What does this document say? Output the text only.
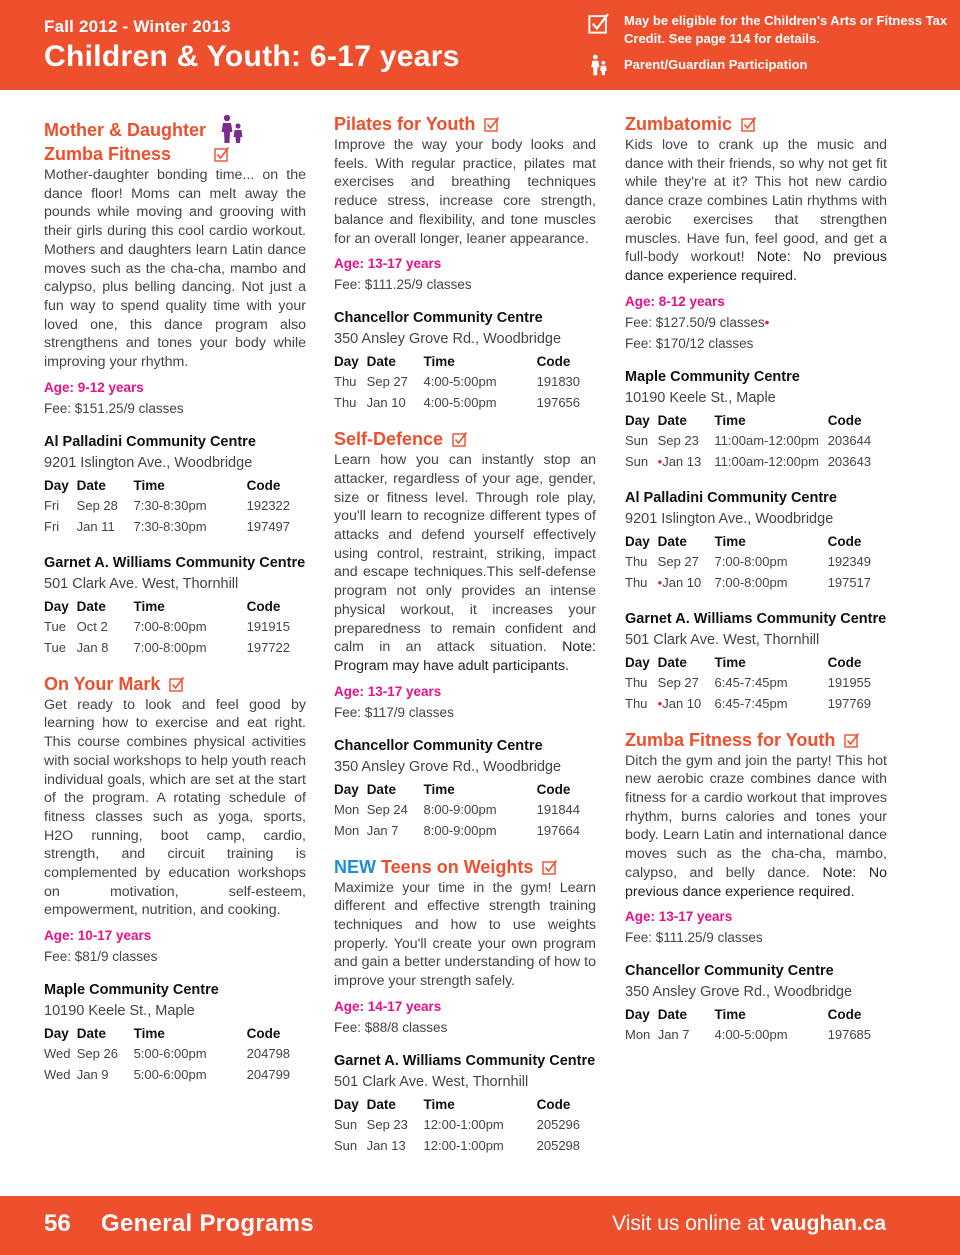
Fall 2012 - Winter 2013
Children & Youth: 6-17 years
May be eligible for the Children's Arts or Fitness Tax Credit. See page 114 for details.
Parent/Guardian Participation
Mother & Daughter
Zumba Fitness
Mother-daughter bonding time... on the dance floor! Moms can melt away the pounds while moving and grooving with their girls during this cool cardio workout. Mothers and daughters learn Latin dance moves such as the cha-cha, mambo and calypso, plus belling dancing. Not just a fun way to spend quality time with your loved one, this dance program also strengthens and tones your body while improving your rhythm.
Age: 9-12 years
Fee: $151.25/9 classes
Al Palladini Community Centre
9201 Islington Ave., Woodbridge
Day	Date	Time	Code
Fri	Sep 28	7:30-8:30pm	192322
Fri	Jan 11	7:30-8:30pm	197497
Garnet A. Williams Community Centre
501 Clark Ave. West, Thornhill
Day	Date	Time	Code
Tue	Oct 2	7:00-8:00pm	191915
Tue	Jan 8	7:00-8:00pm	197722
On Your Mark
Get ready to look and feel good by learning how to exercise and eat right. This course combines physical activities with social workshops to help youth reach individual goals, which are set at the start of the program. A rotating schedule of fitness classes such as yoga, sports, H2O running, boot camp, cardio, strength, and circuit training is complemented by education workshops on motivation, self-esteem, empowerment, nutrition, and cooking.
Age: 10-17 years
Fee: $81/9 classes
Maple Community Centre
10190 Keele St., Maple
Day	Date	Time	Code
Wed	Sep 26	5:00-6:00pm	204798
Wed	Jan 9	5:00-6:00pm	204799
Pilates for Youth
Improve the way your body looks and feels. With regular practice, pilates mat exercises and breathing techniques reduce stress, increase core strength, balance and flexibility, and tone muscles for an overall longer, leaner appearance.
Age: 13-17 years
Fee: $111.25/9 classes
Chancellor Community Centre
350 Ansley Grove Rd., Woodbridge
Day	Date	Time	Code
Thu	Sep 27	4:00-5:00pm	191830
Thu	Jan 10	4:00-5:00pm	197656
Self-Defence
Learn how you can instantly stop an attacker, regardless of your age, gender, size or fitness level. Through role play, you'll learn to recognize different types of attacks and defend yourself effectively using control, restraint, striking, impact and escape techniques.This self-defense program not only provides an intense physical workout, it increases your preparedness to remain confident and calm in an attack situation. Note: Program may have adult participants.
Age: 13-17 years
Fee: $117/9 classes
Chancellor Community Centre
350 Ansley Grove Rd., Woodbridge
Day	Date	Time	Code
Mon	Sep 24	8:00-9:00pm	191844
Mon	Jan 7	8:00-9:00pm	197664
NEW Teens on Weights
Maximize your time in the gym! Learn different and effective strength training techniques and how to use weights properly. You'll create your own program and gain a better understanding of how to improve your strength safely.
Age: 14-17 years
Fee: $88/8 classes
Garnet A. Williams Community Centre
501 Clark Ave. West, Thornhill
Day	Date	Time	Code
Sun	Sep 23	12:00-1:00pm	205296
Sun	Jan 13	12:00-1:00pm	205298
Zumbatomic
Kids love to crank up the music and dance with their friends, so why not get fit while they're at it? This hot new cardio dance craze combines Latin rhythms with aerobic exercises that strengthen muscles. Have fun, feel good, and get a full-body workout! Note: No previous dance experience required.
Age: 8-12 years
Fee: $127.50/9 classes•
Fee: $170/12 classes
Maple Community Centre
10190 Keele St., Maple
Day	Date	Time	Code
Sun	Sep 23	11:00am-12:00pm	203644
Sun	•Jan 13	11:00am-12:00pm	203643
Al Palladini Community Centre
9201 Islington Ave., Woodbridge
Day	Date	Time	Code
Thu	Sep 27	7:00-8:00pm	192349
Thu	•Jan 10	7:00-8:00pm	197517
Garnet A. Williams Community Centre
501 Clark Ave. West, Thornhill
Day	Date	Time	Code
Thu	Sep 27	6:45-7:45pm	191955
Thu	•Jan 10	6:45-7:45pm	197769
Zumba Fitness for Youth
Ditch the gym and join the party! This hot new aerobic craze combines dance with fitness for a cardio workout that improves rhythm, burns calories and tones your body. Learn Latin and international dance moves such as the cha-cha, mambo, calypso, and belly dance. Note: No previous dance experience required.
Age: 13-17 years
Fee: $111.25/9 classes
Chancellor Community Centre
350 Ansley Grove Rd., Woodbridge
Day	Date	Time	Code
Mon	Jan 7	4:00-5:00pm	197685
56 General Programs	Visit us online at vaughan.ca
